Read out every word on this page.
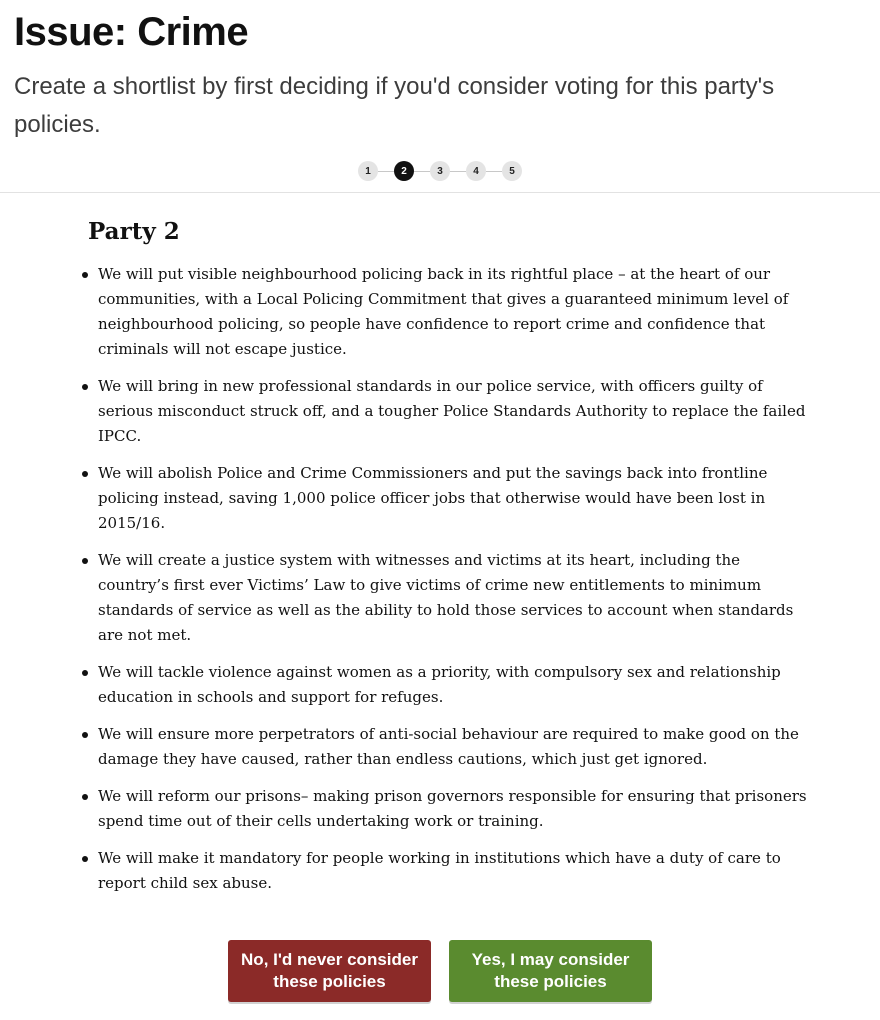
Issue: Crime

Create a shortlist by first deciding if you'd consider voting for this party's policies.

1	2	3	4	5
Party 2
We will put visible neighbourhood policing back in its rightful place – at the heart of our communities, with a Local Policing Commitment that gives a guaranteed minimum level of neighbourhood policing, so people have confidence to report crime and confidence that criminals will not escape justice.
We will bring in new professional standards in our police service, with officers guilty of serious misconduct struck off, and a tougher Police Standards Authority to replace the failed IPCC.
We will abolish Police and Crime Commissioners and put the savings back into frontline policing instead, saving 1,000 police officer jobs that otherwise would have been lost in 2015/16.
We will create a justice system with witnesses and victims at its heart, including the country’s first ever Victims’ Law to give victims of crime new entitlements to minimum standards of service as well as the ability to hold those services to account when standards are not met.
We will tackle violence against women as a priority, with compulsory sex and relationship education in schools and support for refuges.
We will ensure more perpetrators of anti-social behaviour are required to make good on the damage they have caused, rather than endless cautions, which just get ignored.
We will reform our prisons– making prison governors responsible for ensuring that prisoners spend time out of their cells undertaking work or training.
We will make it mandatory for people working in institutions which have a duty of care to report child sex abuse.
No, I'd never consider
these policies
Yes, I may consider
these policies
